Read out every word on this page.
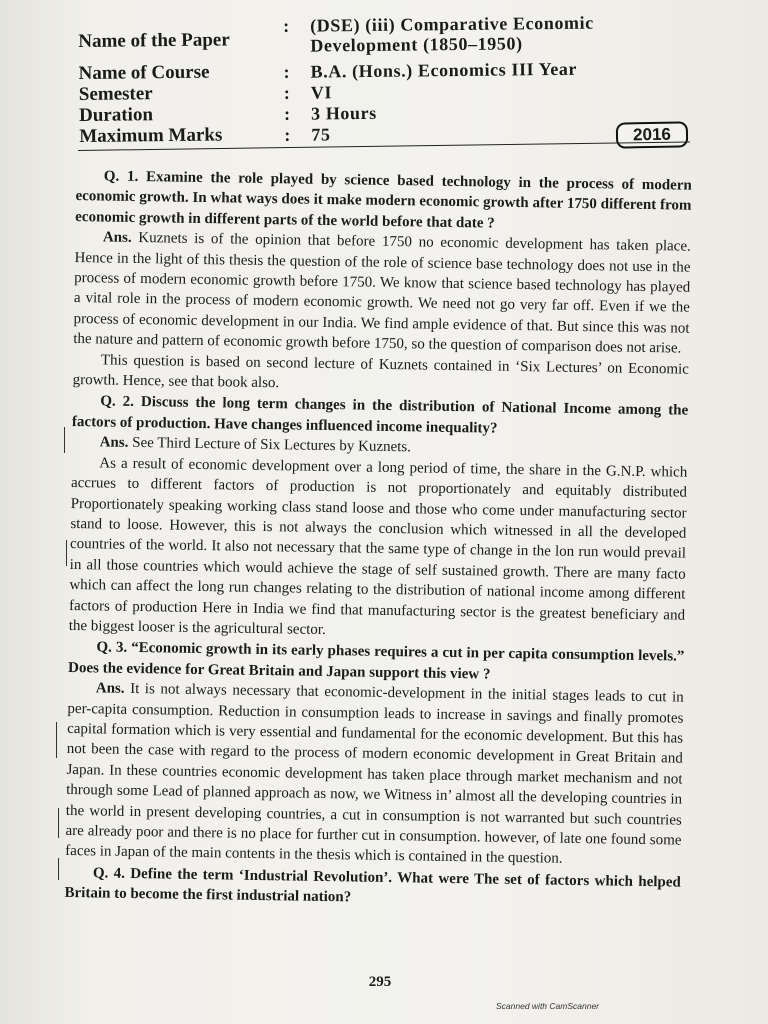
Name of the Paper
:	(DSE) (iii) Comparative Economic Development (1850–1950)
Name of Course	:	B.A. (Hons.) Economics III Year
Semester	:	VI
Duration	:	3 Hours
Maximum Marks	:	75	2016

Q. 1. Examine the role played by science based technology in the process of modern economic growth. In what ways does it make modern economic growth after 1750 different from economic growth in different parts of the world before that date ?

Ans. Kuznets is of the opinion that before 1750 no economic development has taken place. Hence in the light of this thesis the question of the role of science base technology does not use in the process of modern economic growth before 1750. We know that science based technology has played a vital role in the process of modern economic growth. We need not go very far off. Even if we the process of economic development in our India. We find ample evidence of that. But since this was not the nature and pattern of economic growth before 1750, so the question of comparison does not arise.

This question is based on second lecture of Kuznets contained in ‘Six Lectures’ on Economic growth. Hence, see that book also.

Q. 2. Discuss the long term changes in the distribution of National Income among the factors of production. Have changes influenced income inequality?

Ans. See Third Lecture of Six Lectures by Kuznets.

As a result of economic development over a long period of time, the share in the G.N.P. which accrues to different factors of production is not proportionately and equitably distributed Proportionately speaking working class stand loose and those who come under manufacturing sector stand to loose. However, this is not always the conclusion which witnessed in all the developed countries of the world. It also not necessary that the same type of change in the lon run would prevail in all those countries which would achieve the stage of self sustained growth. There are many facto which can affect the long run changes relating to the distribution of national income among different factors of production Here in India we find that manufacturing sector is the greatest beneficiary and the biggest looser is the agricultural sector.

Q. 3. “Economic growth in its early phases requires a cut in per capita consumption levels.” Does the evidence for Great Britain and Japan support this view ?

Ans. It is not always necessary that economic-development in the initial stages leads to cut in per-capita consumption. Reduction in consumption leads to increase in savings and finally promotes capital formation which is very essential and fundamental for the economic development. But this has not been the case with regard to the process of modern economic development in Great Britain and Japan. In these countries economic development has taken place through market mechanism and not through some Lead of planned approach as now, we Witness in’ almost all the developing countries in the world in present developing countries, a cut in consumption is not warranted but such countries are already poor and there is no place for further cut in consumption. however, of late one found some faces in Japan of the main contents in the thesis which is contained in the question.

Q. 4. Define the term ‘Industrial Revolution’. What were The set of factors which helped Britain to become the first industrial nation?

295
Scanned with CamScanner
